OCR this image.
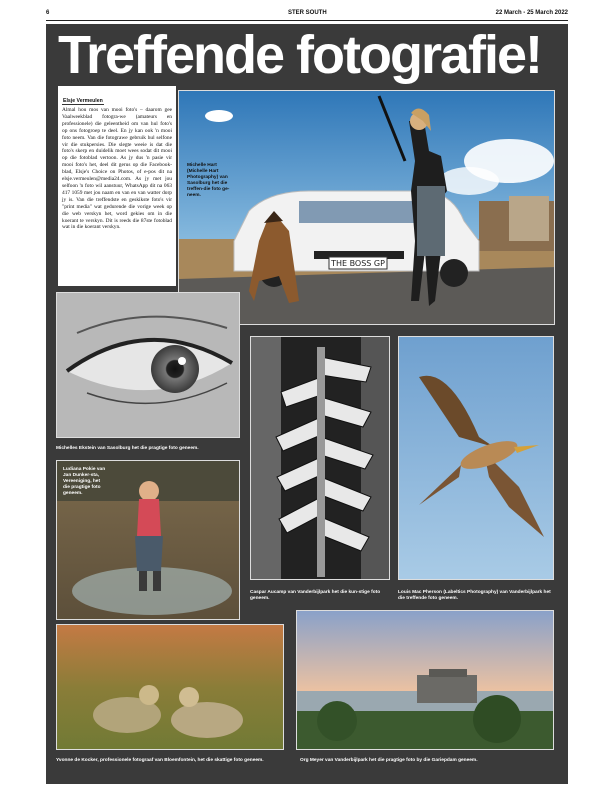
6	STER SOUTH	22 March - 25 March 2022
Treffende fotografie!
Elsje Vermeulen
Almal hou mos van mooi foto's – daarom gee Vaalweekblad fotogra-we (amateurs en professionele) die geleentheid om van hul foto's op ons fotogroep te deel. En jy kan ook 'n mooi foto neem. Van die fotograwe gebruik hul selfone vir die stukpersies. Die slegte weeie is dat die foto's skerp en duidelik moet wees sodat dit mooi op die fotoblad vertoon. As jy dus 'n pasie vir mooi foto's het, deel dit gerus op die Facebook-blad, Elsje's Choice on Photos, of e-pos dit na elsje.vermeulen@media24.com. As jy met jou selfoon 'n foto wil aanstuur, WhatsApp dit na 063 417 1059 met jou naam en van en van watter dorp jy is. Van die treffendste en geskikste foto's vir "print media" wat gedurende die vorige week op die web verskyn het, word gekies om in die koerant te verskyn. Dit is reeds die 87ste fotoblad wat in die koerant verskyn.
THE BOSS GP
Michelle Hart (Michelle Hart Photography) van Sasolburg het die treffen-die foto ge-neem.
Michelles Ekstein van Sasolburg het die pragtige foto geneem.
Caspar Aucamp van Vanderbijlpark het die kun-stige foto geneem.
Louis Mac Pherson (Labeltics Photography) van Vanderbijlpark het die treffende foto geneem.
Ludiana Pokie van Jan Dunker-sta, Vereeniging, het die pragtige foto geneem.
Yvonne de Kocker, professionele fotograaf van Bloemfontein, het die skattige foto geneem.	Org Meyer van Vanderbijlpark het die pragtige foto by die Gariepdam geneem.
